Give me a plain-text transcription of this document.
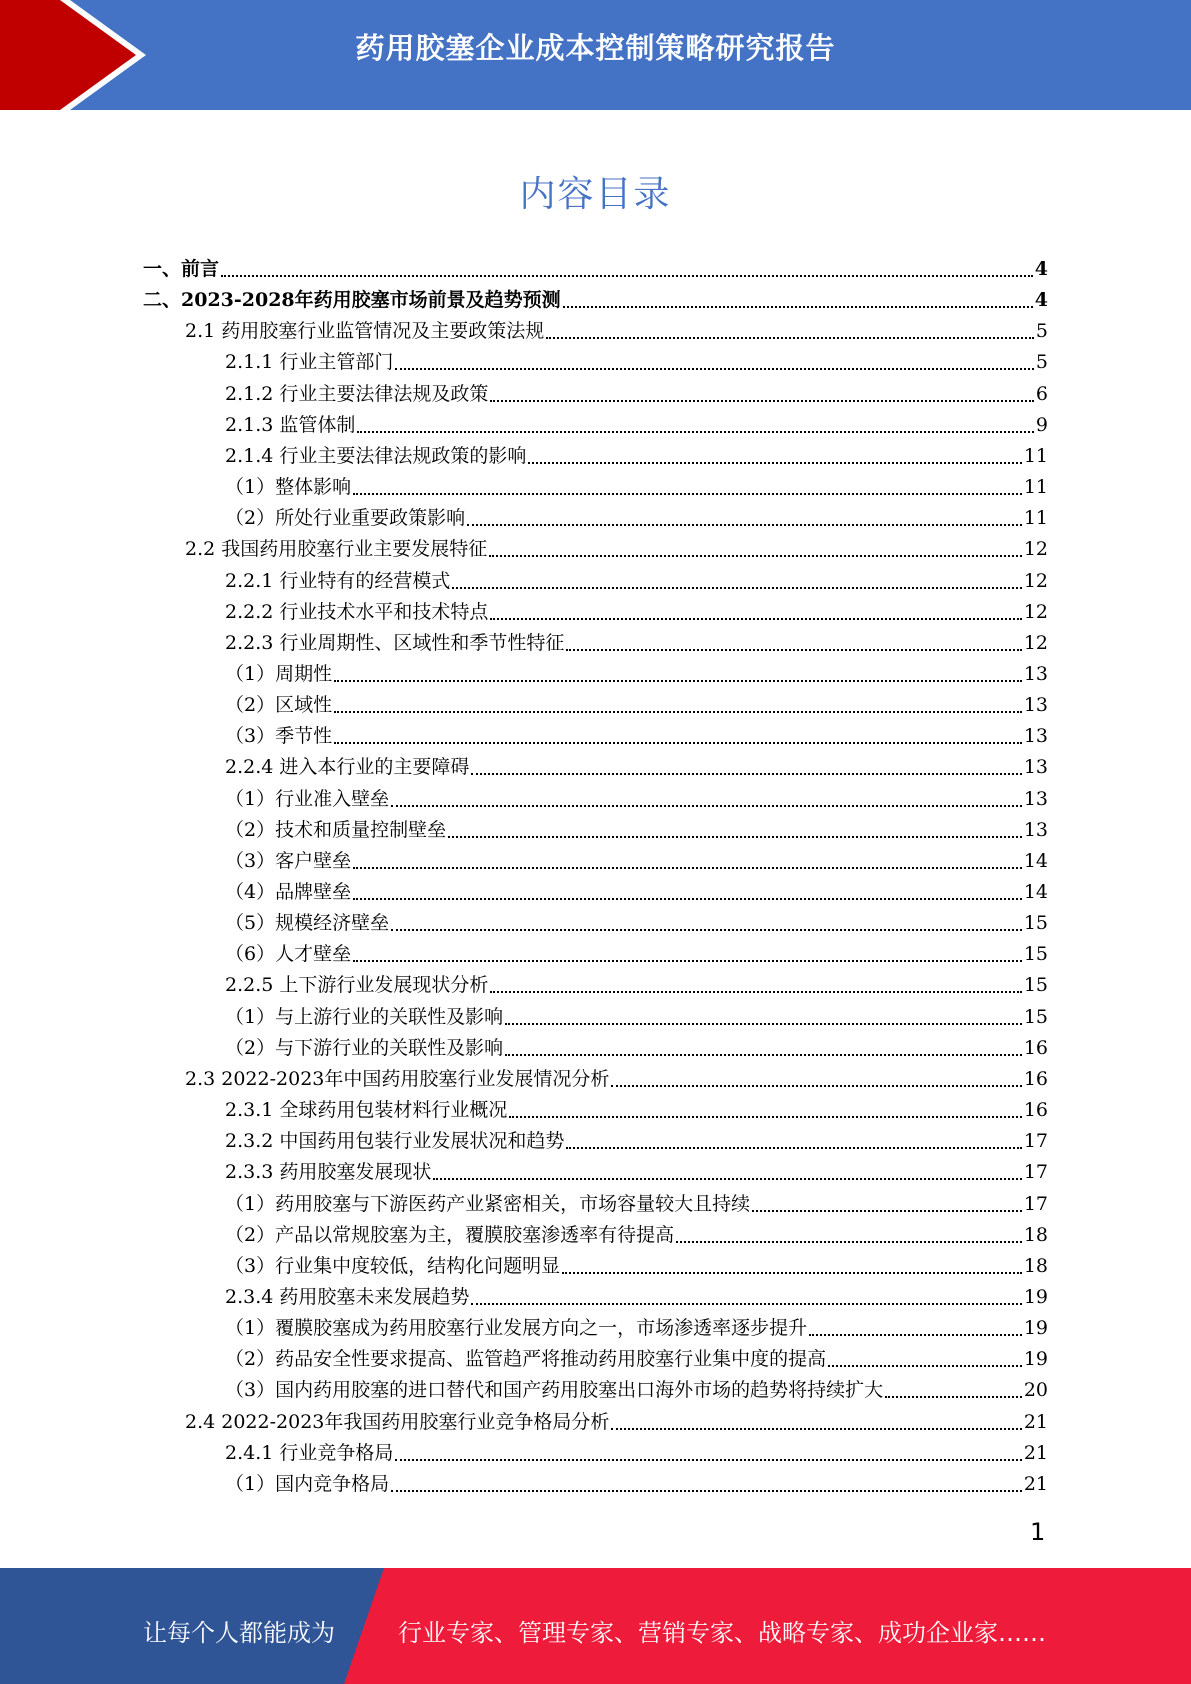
药用胶塞企业成本控制策略研究报告
内容目录
一、前言	4
二、2023-2028年药用胶塞市场前景及趋势预测	4
2.1 药用胶塞行业监管情况及主要政策法规	5
2.1.1 行业主管部门	5
2.1.2 行业主要法律法规及政策	6
2.1.3 监管体制	9
2.1.4 行业主要法律法规政策的影响	11
（1）整体影响	11
（2）所处行业重要政策影响	11
2.2 我国药用胶塞行业主要发展特征	12
2.2.1 行业特有的经营模式	12
2.2.2 行业技术水平和技术特点	12
2.2.3 行业周期性、区域性和季节性特征	12
（1）周期性	13
（2）区域性	13
（3）季节性	13
2.2.4 进入本行业的主要障碍	13
（1）行业准入壁垒	13
（2）技术和质量控制壁垒	13
（3）客户壁垒	14
（4）品牌壁垒	14
（5）规模经济壁垒	15
（6）人才壁垒	15
2.2.5 上下游行业发展现状分析	15
（1）与上游行业的关联性及影响	15
（2）与下游行业的关联性及影响	16
2.3 2022-2023年中国药用胶塞行业发展情况分析	16
2.3.1 全球药用包装材料行业概况	16
2.3.2 中国药用包装行业发展状况和趋势	17
2.3.3 药用胶塞发展现状	17
（1）药用胶塞与下游医药产业紧密相关，市场容量较大且持续	17
（2）产品以常规胶塞为主，覆膜胶塞渗透率有待提高	18
（3）行业集中度较低，结构化问题明显	18
2.3.4 药用胶塞未来发展趋势	19
（1）覆膜胶塞成为药用胶塞行业发展方向之一，市场渗透率逐步提升	19
（2）药品安全性要求提高、监管趋严将推动药用胶塞行业集中度的提高	19
（3）国内药用胶塞的进口替代和国产药用胶塞出口海外市场的趋势将持续扩大	20
2.4 2022-2023年我国药用胶塞行业竞争格局分析	21
2.4.1 行业竞争格局	21
（1）国内竞争格局	21
1
让每个人都能成为	行业专家、管理专家、营销专家、战略专家、成功企业家……
